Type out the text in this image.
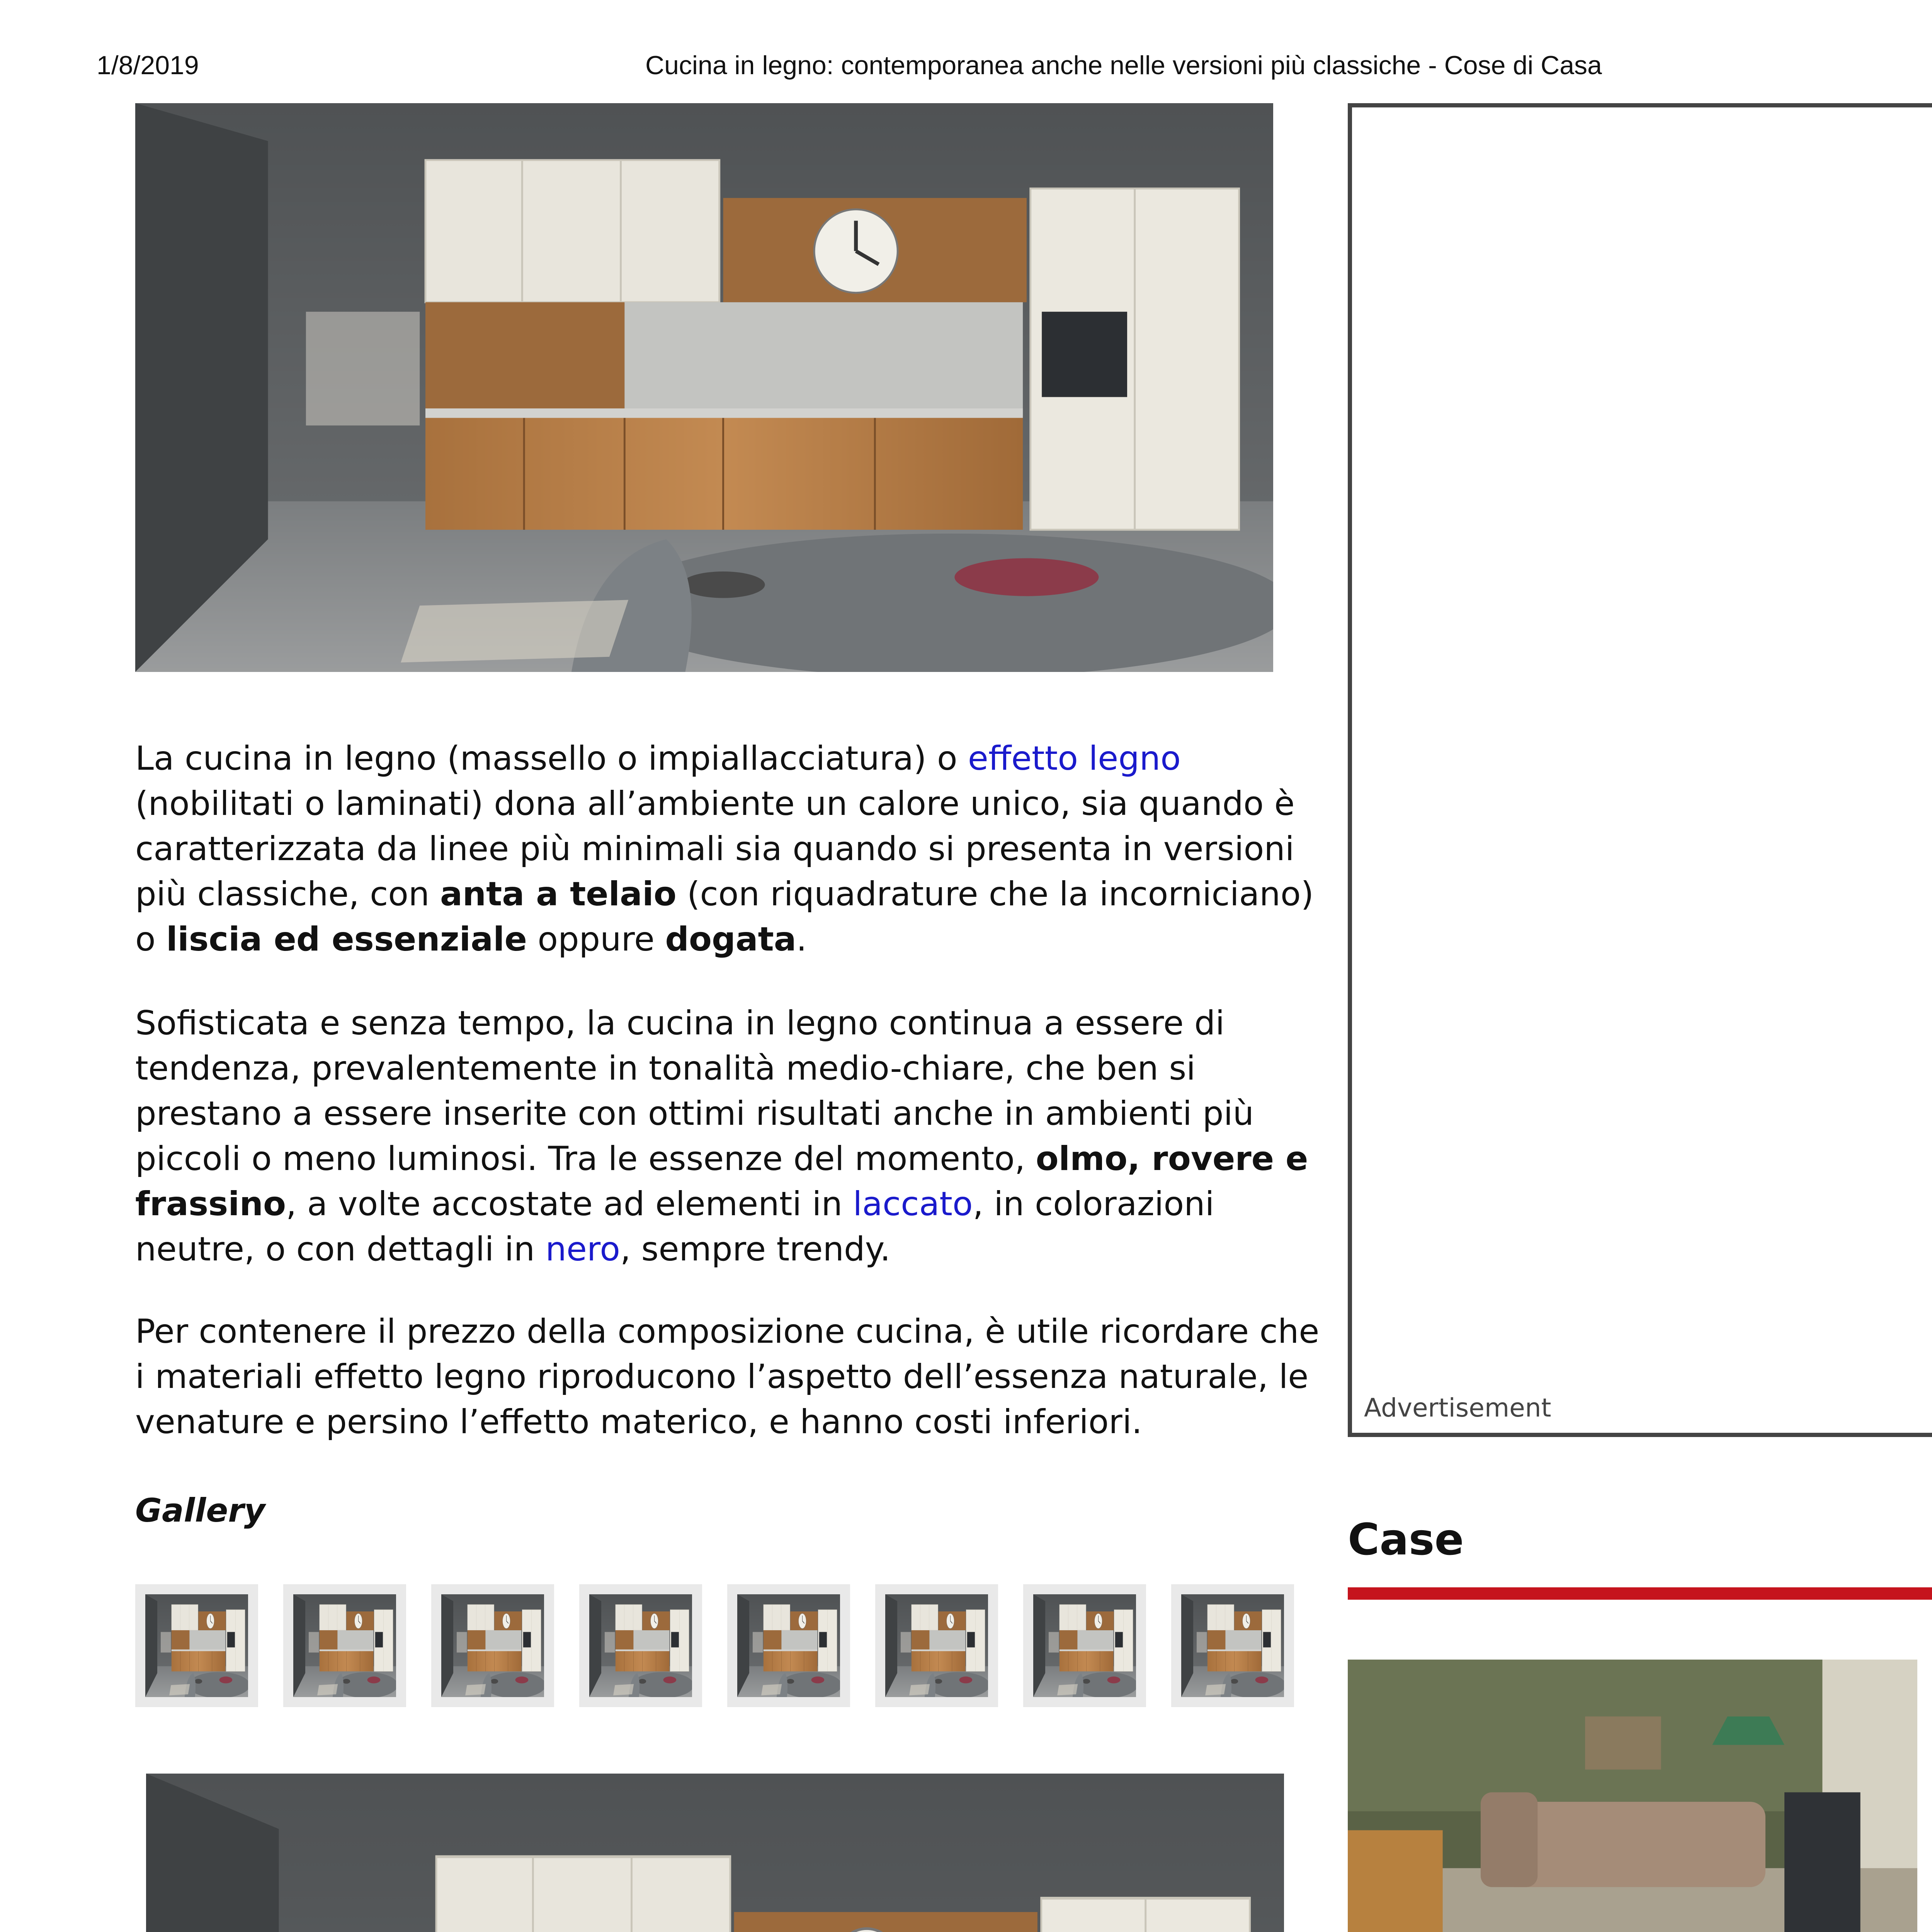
1/8/2019	Cucina in legno: contemporanea anche nelle versioni più classiche - Cose di Casa

La cucina in legno (massello o impiallacciatura) o effetto legno (nobilitati o laminati) dona all’ambiente un calore unico, sia quando è caratterizzata da linee più minimali sia quando si presenta in versioni più classiche, con anta a telaio (con riquadrature che la incorniciano) o liscia ed essenziale oppure dogata.

Sofisticata e senza tempo, la cucina in legno continua a essere di tendenza, prevalentemente in tonalità medio-chiare, che ben si prestano a essere inserite con ottimi risultati anche in ambienti più piccoli o meno luminosi. Tra le essenze del momento, olmo, rovere e frassino, a volte accostate ad elementi in laccato, in colorazioni neutre, o con dettagli in nero, sempre trendy.

Per contenere il prezzo della composizione cucina, è utile ricordare che i materiali effetto legno riproducono l’aspetto dell’essenza naturale, le venature e persino l’effetto materico, e hanno costi inferiori.

Gallery
Advertisement
Case
